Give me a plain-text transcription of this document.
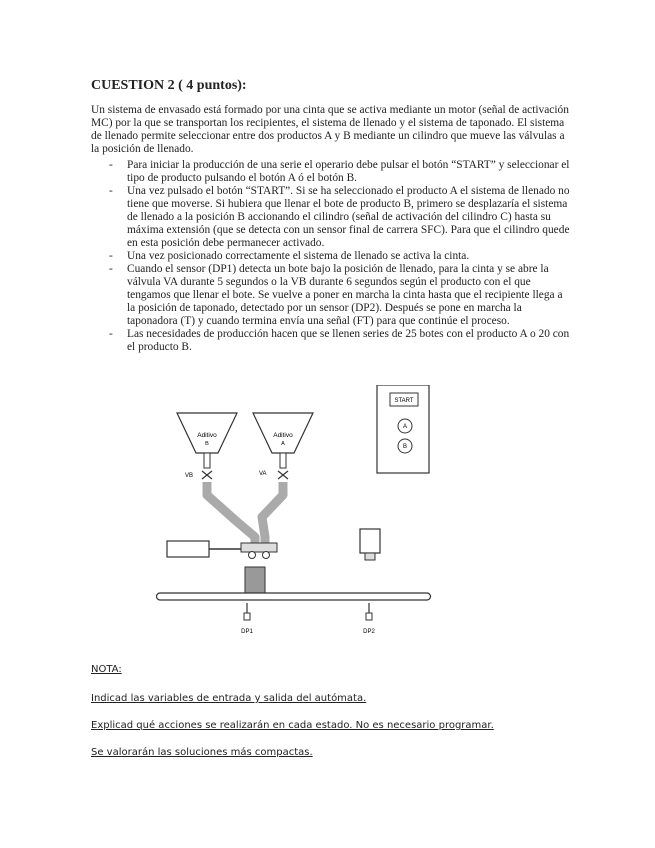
CUESTION 2 ( 4 puntos):
Un sistema de envasado está formado por una cinta que se activa mediante un motor (señal de activación MC) por la que se transportan los recipientes, el sistema de llenado y el sistema de taponado. El sistema de llenado permite seleccionar entre dos productos A y B mediante un cilindro que mueve las válvulas a la posición de llenado.
- Para iniciar la producción de una serie el operario debe pulsar el botón “START” y seleccionar el tipo de producto pulsando el botón A ó el botón B.
- Una vez pulsado el botón “START”. Si se ha seleccionado el producto A el sistema de llenado no tiene que moverse. Si hubiera que llenar el bote de producto B, primero se desplazaría el sistema de llenado a la posición B accionando el cilindro (señal de activación del cilindro C) hasta su máxima extensión (que se detecta con un sensor final de carrera SFC). Para que el cilindro quede en esta posición debe permanecer activado.
- Una vez posicionado correctamente el sistema de llenado se activa la cinta.
- Cuando el sensor (DP1) detecta un bote bajo la posición de llenado, para la cinta y se abre la válvula VA durante 5 segundos o la VB durante 6 segundos según el producto con el que tengamos que llenar el bote. Se vuelve a poner en marcha la cinta hasta que el recipiente llega a la posición de taponado, detectado por un sensor (DP2). Después se pone en marcha la taponadora (T) y cuando termina envía una señal (FT) para que continúe el proceso.
- Las necesidades de producción hacen que se llenen series de 25 botes con el producto A o 20 con el producto B.
Aditivo
B
VB
Aditivo
A
VA
DP1	DP2
START
A
B
NOTA:
Indicad las variables de entrada y salida del autómata.
Explicad qué acciones se realizarán en cada estado. No es necesario programar.
Se valorarán las soluciones más compactas.
